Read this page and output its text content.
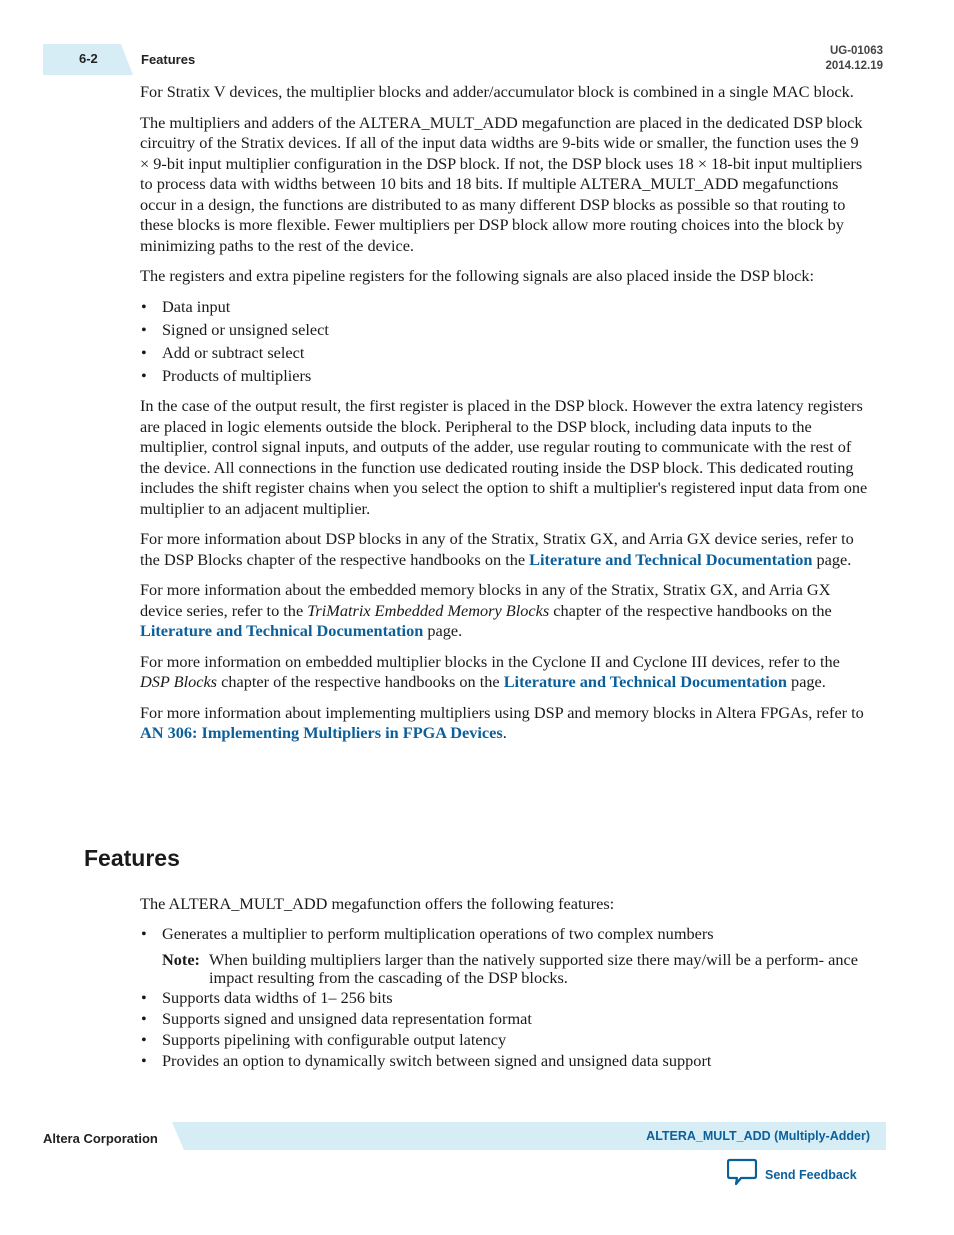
6-2	Features
UG-01063
2014.12.19

For Stratix V devices, the multiplier blocks and adder/accumulator block is combined in a single MAC block.

The multipliers and adders of the ALTERA_MULT_ADD megafunction are placed in the dedicated DSP block circuitry of the Stratix devices. If all of the input data widths are 9-bits wide or smaller, the function uses the 9 × 9-bit input multiplier configuration in the DSP block. If not, the DSP block uses 18 × 18-bit input multipliers to process data with widths between 10 bits and 18 bits. If multiple ALTERA_MULT_ADD megafunctions occur in a design, the functions are distributed to as many different DSP blocks as possible so that routing to these blocks is more flexible. Fewer multipliers per DSP block allow more routing choices into the block by minimizing paths to the rest of the device.

The registers and extra pipeline registers for the following signals are also placed inside the DSP block:

• Data input
• Signed or unsigned select
• Add or subtract select
• Products of multipliers

In the case of the output result, the first register is placed in the DSP block. However the extra latency registers are placed in logic elements outside the block. Peripheral to the DSP block, including data inputs to the multiplier, control signal inputs, and outputs of the adder, use regular routing to communicate with the rest of the device. All connections in the function use dedicated routing inside the DSP block. This dedicated routing includes the shift register chains when you select the option to shift a multiplier's registered input data from one multiplier to an adjacent multiplier.

For more information about DSP blocks in any of the Stratix, Stratix GX, and Arria GX device series, refer to the DSP Blocks chapter of the respective handbooks on the Literature and Technical Documentation page.

For more information about the embedded memory blocks in any of the Stratix, Stratix GX, and Arria GX device series, refer to the TriMatrix Embedded Memory Blocks chapter of the respective handbooks on the Literature and Technical Documentation page.

For more information on embedded multiplier blocks in the Cyclone II and Cyclone III devices, refer to the DSP Blocks chapter of the respective handbooks on the Literature and Technical Documentation page.

For more information about implementing multipliers using DSP and memory blocks in Altera FPGAs, refer to AN 306: Implementing Multipliers in FPGA Devices.

Features

The ALTERA_MULT_ADD megafunction offers the following features:

• Generates a multiplier to perform multiplication operations of two complex numbers
Note: When building multipliers larger than the natively supported size there may/will be a perform- ance impact resulting from the cascading of the DSP blocks.
• Supports data widths of 1– 256 bits
• Supports signed and unsigned data representation format
• Supports pipelining with configurable output latency
• Provides an option to dynamically switch between signed and unsigned data support
Altera Corporation	ALTERA_MULT_ADD (Multiply-Adder)
Send Feedback
